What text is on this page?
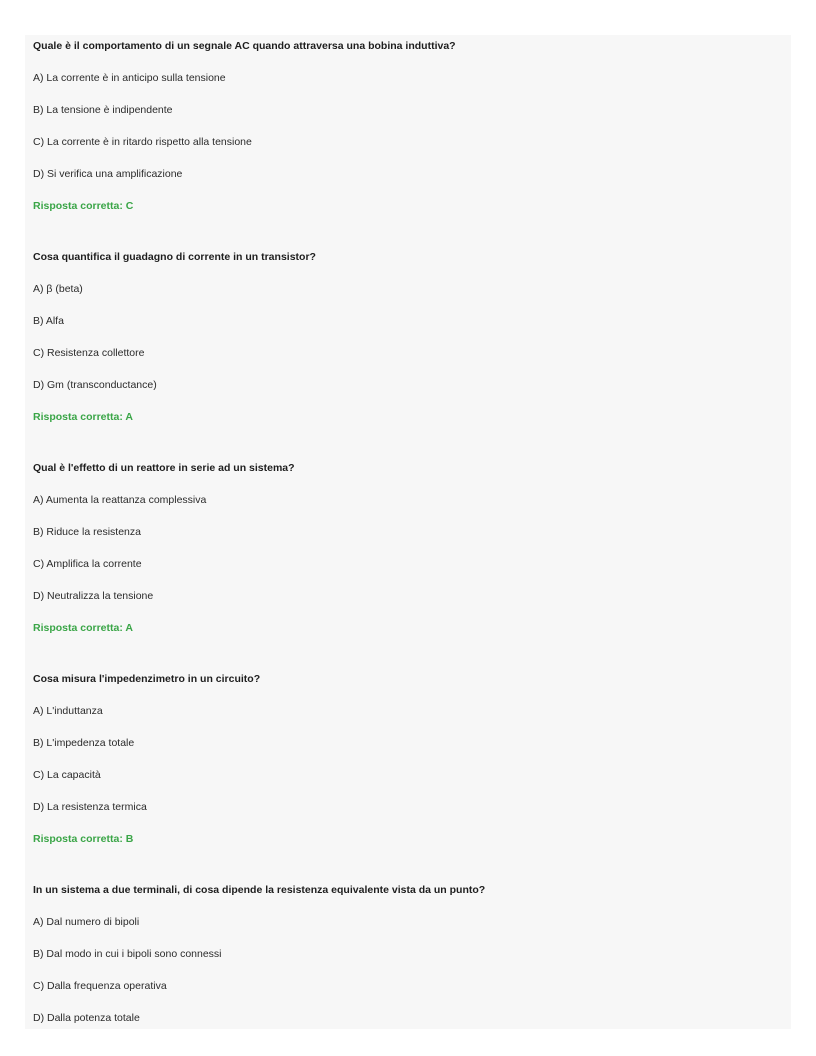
Quale è il comportamento di un segnale AC quando attraversa una bobina induttiva?
A) La corrente è in anticipo sulla tensione
B) La tensione è indipendente
C) La corrente è in ritardo rispetto alla tensione
D) Si verifica una amplificazione
Risposta corretta: C
Cosa quantifica il guadagno di corrente in un transistor?
A) β (beta)
B) Alfa
C) Resistenza collettore
D) Gm (transconductance)
Risposta corretta: A
Qual è l'effetto di un reattore in serie ad un sistema?
A) Aumenta la reattanza complessiva
B) Riduce la resistenza
C) Amplifica la corrente
D) Neutralizza la tensione
Risposta corretta: A
Cosa misura l'impedenzimetro in un circuito?
A) L'induttanza
B) L'impedenza totale
C) La capacità
D) La resistenza termica
Risposta corretta: B
In un sistema a due terminali, di cosa dipende la resistenza equivalente vista da un punto?
A) Dal numero di bipoli
B) Dal modo in cui i bipoli sono connessi
C) Dalla frequenza operativa
D) Dalla potenza totale
